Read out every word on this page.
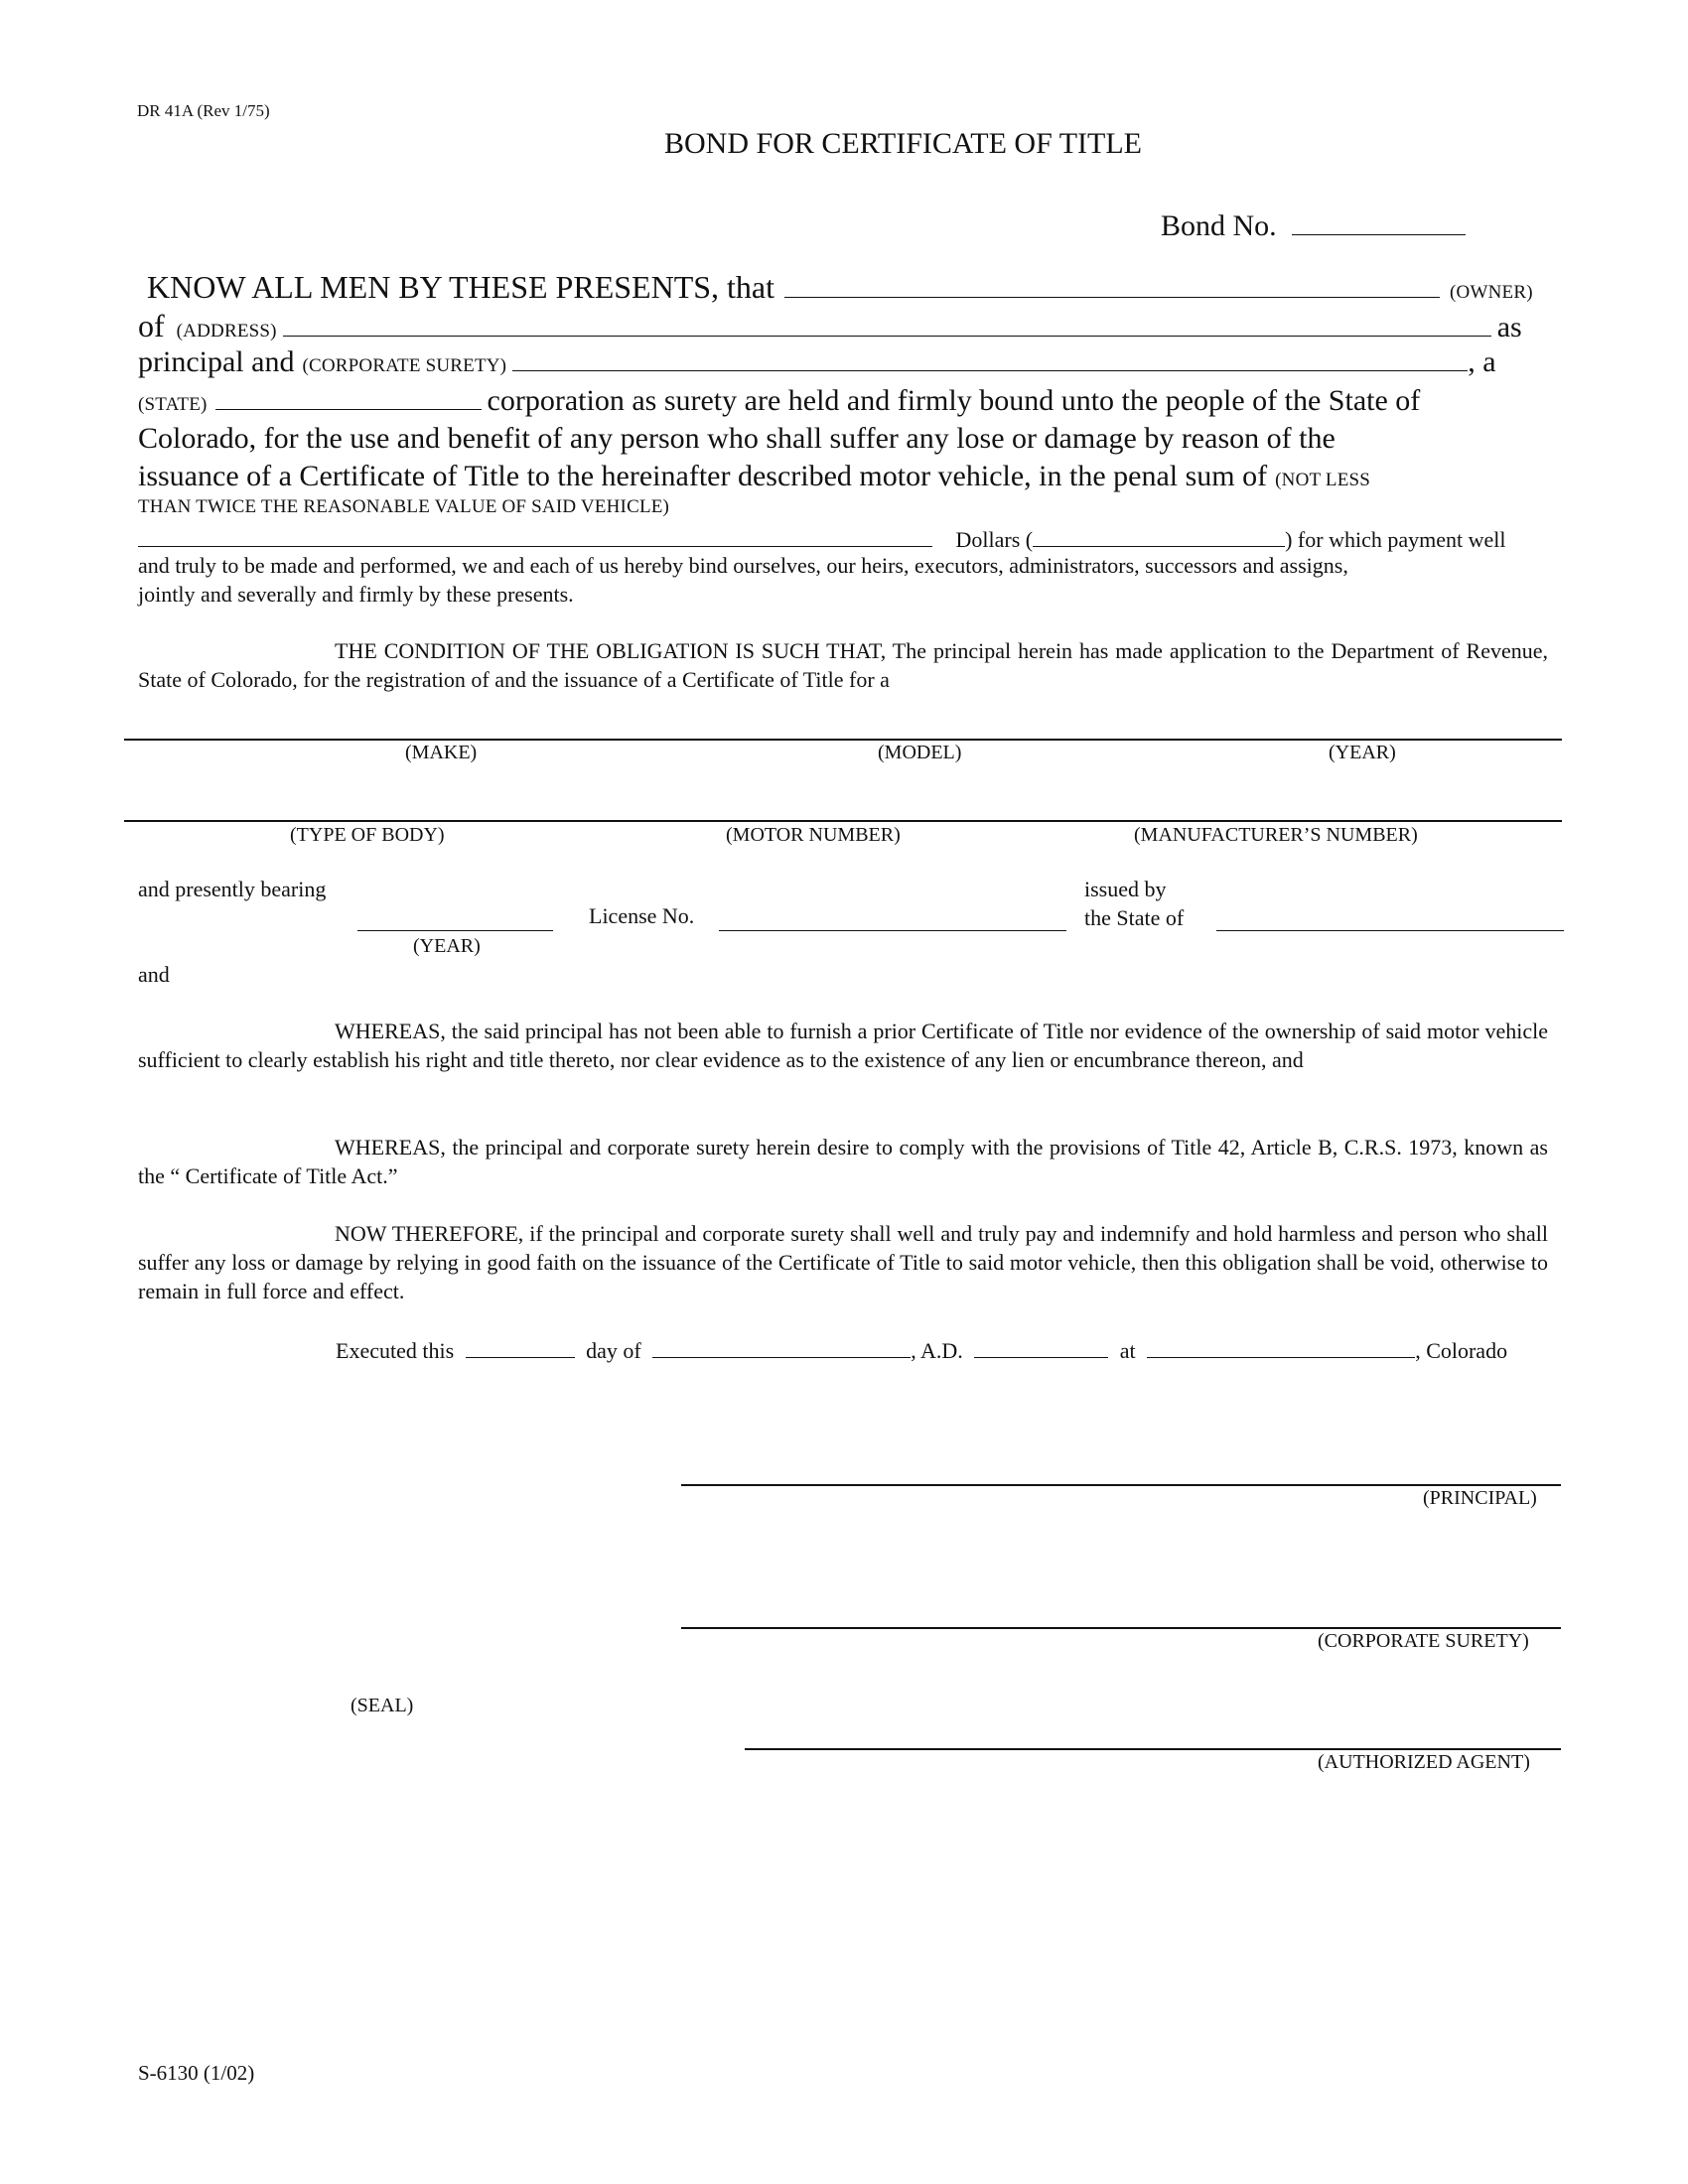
DR 41A (Rev 1/75)
BOND FOR CERTIFICATE OF TITLE
Bond No.
KNOW ALL MEN BY THESE PRESENTS, that	(OWNER)
of (ADDRESS)	as
principal and (CORPORATE SURETY)	, a
(STATE)	corporation as surety are held and firmly bound unto the people of the State of
Colorado, for the use and benefit of any person who shall suffer any lose or damage by reason of the
issuance of a Certificate of Title to the hereinafter described motor vehicle, in the penal sum of (NOT LESS
THAN TWICE THE REASONABLE VALUE OF SAID VEHICLE)
Dollars (	) for which payment well
and truly to be made and performed, we and each of us hereby bind ourselves, our heirs, executors, administrators, successors and assigns,
jointly and severally and firmly by these presents.
THE CONDITION OF THE OBLIGATION IS SUCH THAT, The principal herein has made application to the Department of Revenue, State of Colorado, for the registration of and the issuance of a Certificate of Title for a
(MAKE)	(MODEL)	(YEAR)
(TYPE OF BODY)	(MOTOR NUMBER)	(MANUFACTURER’S NUMBER)
and presently bearing
(YEAR)
License No.
issued by
the State of
and
WHEREAS, the said principal has not been able to furnish a prior Certificate of Title nor evidence of the ownership of said motor vehicle sufficient to clearly establish his right and title thereto, nor clear evidence as to the existence of any lien or encumbrance thereon, and
WHEREAS, the principal and corporate surety herein desire to comply with the provisions of Title 42, Article B, C.R.S. 1973, known as the “ Certificate of Title Act.”
NOW THEREFORE, if the principal and corporate surety shall well and truly pay and indemnify and hold harmless and person who shall suffer any loss or damage by relying in good faith on the issuance of the Certificate of Title to said motor vehicle, then this obligation shall be void, otherwise to remain in full force and effect.
Executed this	day of	, A.D.	at	, Colorado
(PRINCIPAL)
(CORPORATE SURETY)
(SEAL)
(AUTHORIZED AGENT)
S-6130 (1/02)
